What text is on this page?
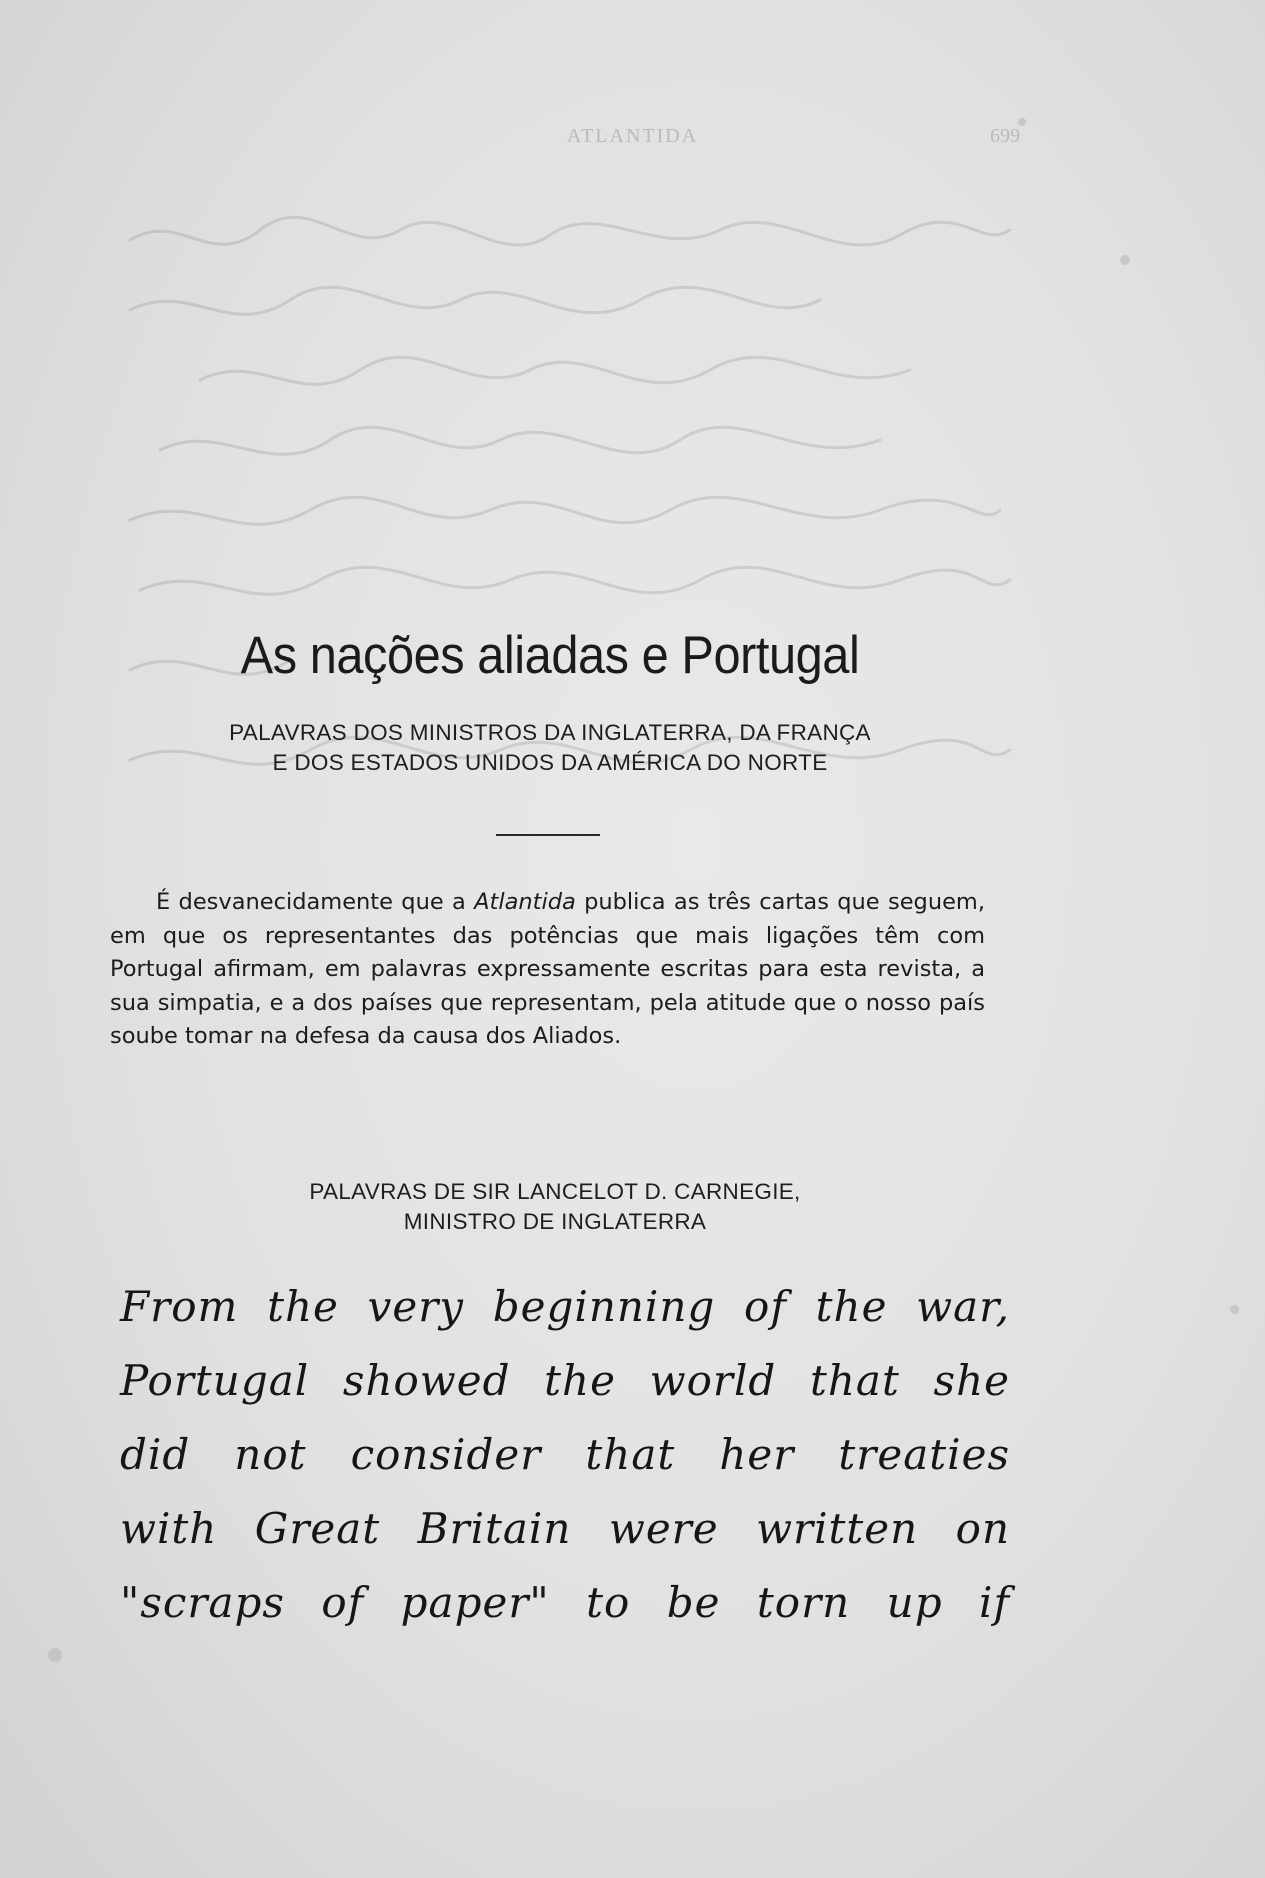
ATLANTIDA	699
As nações aliadas e Portugal
PALAVRAS DOS MINISTROS DA INGLATERRA, DA FRANÇA
E DOS ESTADOS UNIDOS DA AMÉRICA DO NORTE

É desvanecidamente que a Atlantida publica as três cartas que seguem, em que os representantes das potências que mais ligações têm com Portugal afirmam, em palavras expressamente escritas para esta revista, a sua simpatia, e a dos países que representam, pela atitude que o nosso país soube tomar na defesa da causa dos Aliados.

PALAVRAS DE SIR LANCELOT D. CARNEGIE,
MINISTRO DE INGLATERRA
From the very beginning of the war,
Portugal showed the world that she
did not consider that her treaties
with Great Britain were written on
"scraps of paper" to be torn up if
